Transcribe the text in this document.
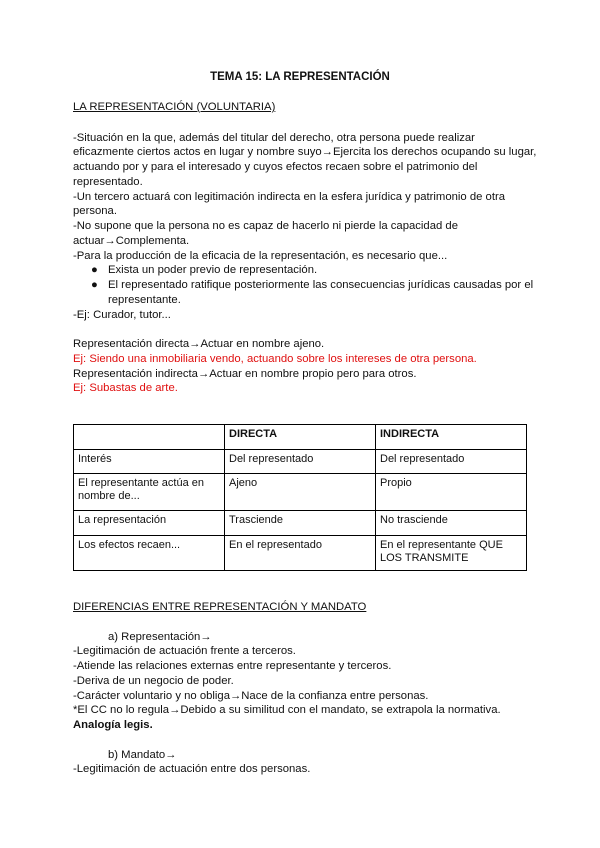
TEMA 15: LA REPRESENTACIÓN
LA REPRESENTACIÓN (VOLUNTARIA)

-Situación en la que, además del titular del derecho, otra persona puede realizar
eficazmente ciertos actos en lugar y nombre suyo→Ejercita los derechos ocupando su lugar,
actuando por y para el interesado y cuyos efectos recaen sobre el patrimonio del
representado.
-Un tercero actuará con legitimación indirecta en la esfera jurídica y patrimonio de otra
persona.
-No supone que la persona no es capaz de hacerlo ni pierde la capacidad de
actuar→Complementa.
-Para la producción de la eficacia de la representación, es necesario que...
● Exista un poder previo de representación.
● El representado ratifique posteriormente las consecuencias jurídicas causadas por el
representante.
-Ej: Curador, tutor...

Representación directa→Actuar en nombre ajeno.
Ej: Siendo una inmobiliaria vendo, actuando sobre los intereses de otra persona.
Representación indirecta→Actuar en nombre propio pero para otros.
Ej: Subastas de arte.
	DIRECTA	INDIRECTA
Interés	Del representado	Del representado
El representante actúa en nombre de...	Ajeno	Propio
La representación	Trasciende	No trasciende
Los efectos recaen...	En el representado	En el representante QUE LOS TRANSMITE
DIFERENCIAS ENTRE REPRESENTACIÓN Y MANDATO

a) Representación→
-Legitimación de actuación frente a terceros.
-Atiende las relaciones externas entre representante y terceros.
-Deriva de un negocio de poder.
-Carácter voluntario y no obliga→Nace de la confianza entre personas.
*El CC no lo regula→Debido a su similitud con el mandato, se extrapola la normativa.
Analogía legis.

b) Mandato→
-Legitimación de actuación entre dos personas.
